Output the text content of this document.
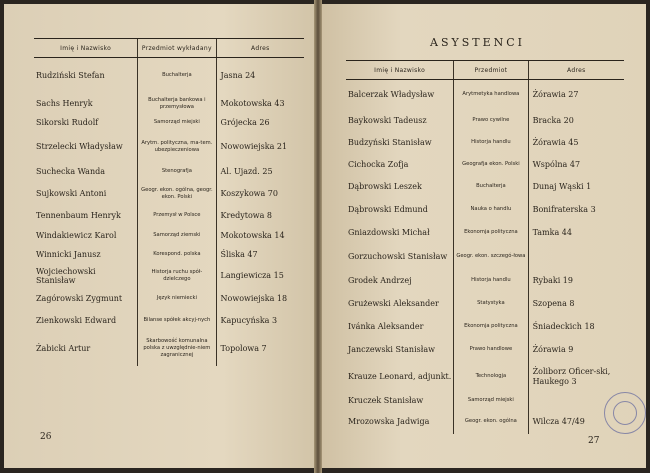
Imię i Nazwisko	Przedmiot wykładany	Adres
Rudziński Stefan	Buchalterja	Jasna 24
Sachs Henryk	Buchalterja bankowa i przemysłowa	Mokotowska 43
Sikorski Rudolf	Samorząd miejski	Grójecka 26
Strzelecki Władysław	Arytm. polityczna, ma-tem. ubezpieczeniowa	Nowowiejska 21
Suchecka Wanda	Stenografja	Al. Ujazd. 25
Sujkowski Antoni	Geogr. ekon. ogólna, geogr. ekon. Polski	Koszykowa 70
Tennenbaum Henryk	Przemysł w Polsce	Kredytowa 8
Windakiewicz Karol	Samorząd ziemski	Mokotowska 14
Winnicki Janusz	Korespond. polska	Śliska 47
Wojciechowski Stanisław	Historja ruchu spół-dzielczego	Langiewicza 15
Zagórowski Zygmunt	Język niemiecki	Nowowiejska 18
Zienkowski Edward	Bilanse spółek akcyj-nych	Kapucyńska 3
Żabicki Artur	Skarbowość komunalna polska z uwzględnie-niem zagranicznej	Topolowa 7
26
ASYSTENCI
Imię i Nazwisko	Przedmiot	Adres
Balcerzak Władysław	Arytmetyka handlowa	Żórawia 27
Baykowski Tadeusz	Prawo cywilne	Bracka 20
Budzyński Stanisław	Historja handlu	Żórawia 45
Cichocka Zofja	Geografja ekon. Polski	Wspólna 47
Dąbrowski Leszek	Buchalterja	Dunaj Wąski 1
Dąbrowski Edmund	Nauka o handlu	Bonifraterska 3
Gniazdowski Michał	Ekonomja polityczna	Tamka 44
Gorzuchowski Stanisław	Geogr. ekon. szczegó-łowa	
Grodek Andrzej	Historja handlu	Rybaki 19
Grużewski Aleksander	Statystyka	Szopena 8
Ivánka Aleksander	Ekonomja polityczna	Śniadeckich 18
Janczewski Stanisław	Prawo handlowe	Żórawia 9
Krauze Leonard, adjunkt.	Technologja	Żoliborz Oficer-ski, Haukego 3
Kruczek Stanisław	Samorząd miejski	
Mrozowska Jadwiga	Geogr. ekon. ogólna	Wilcza 47/49
27
